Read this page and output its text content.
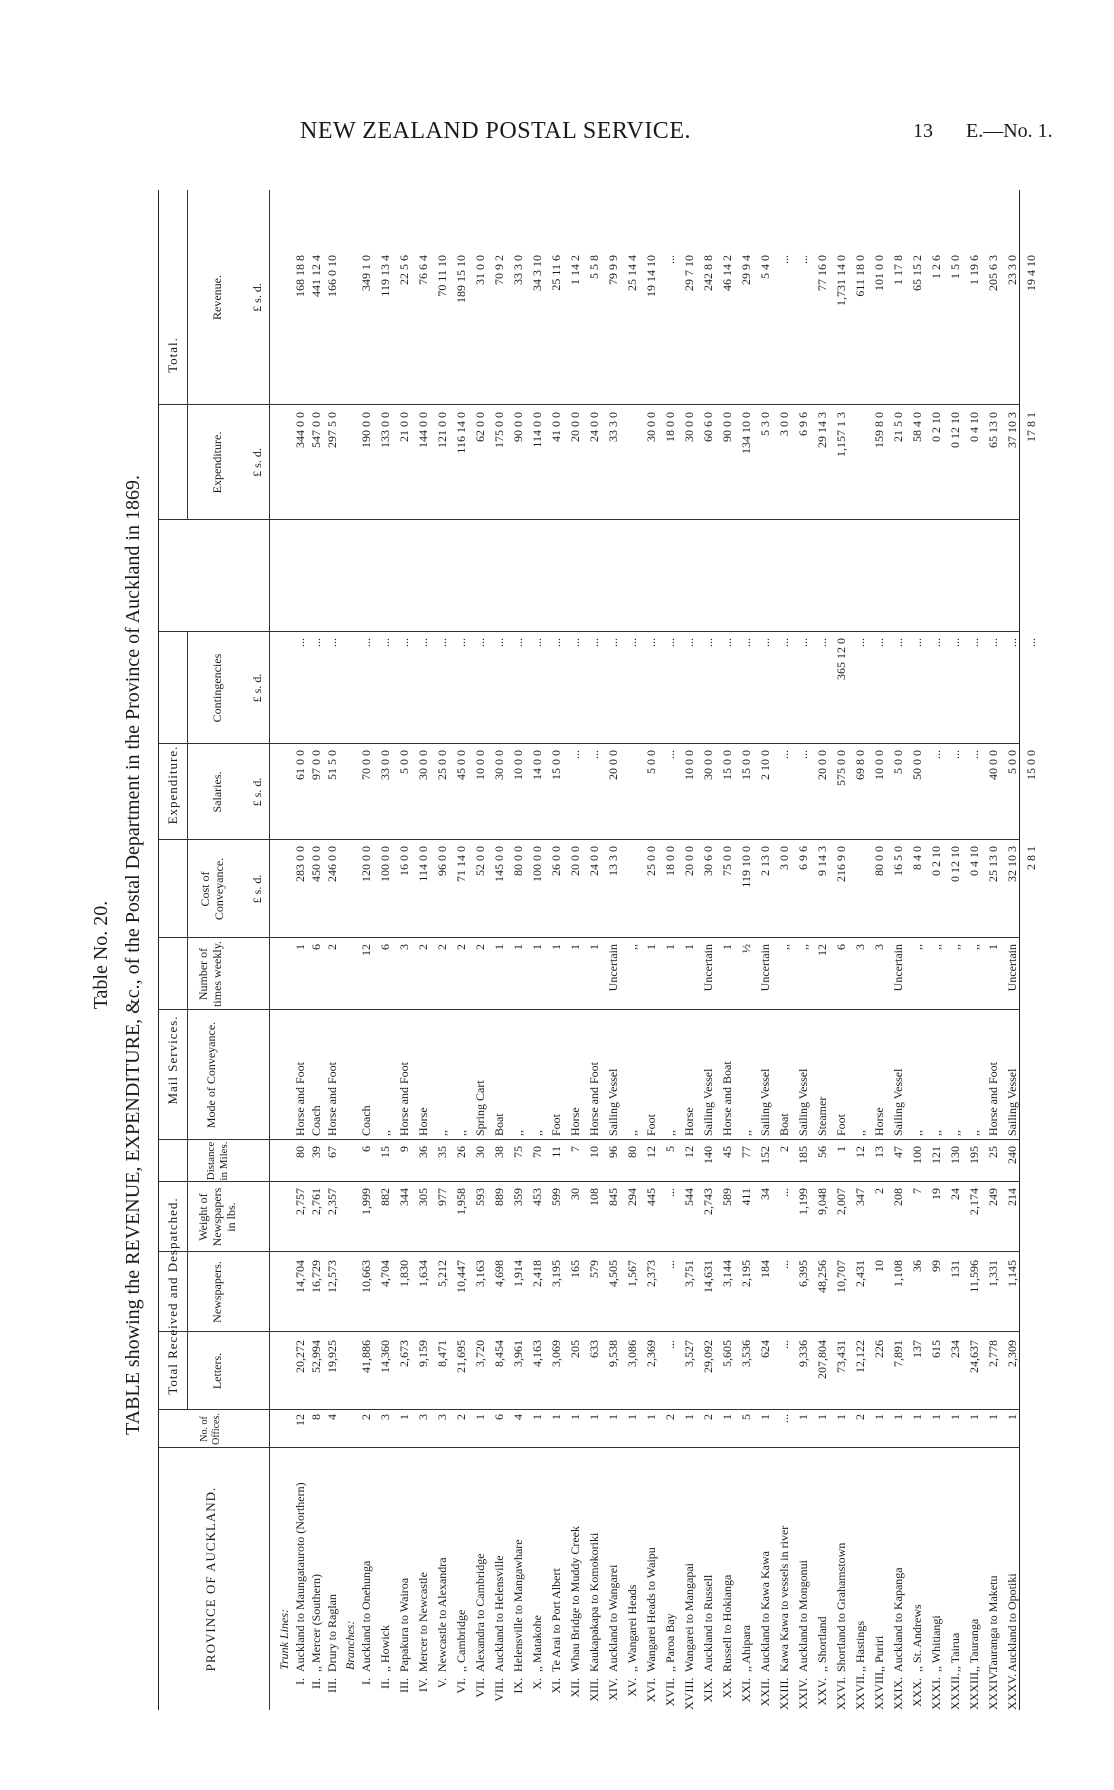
NEW ZEALAND POSTAL SERVICE.	13 E.—No. 1.
Table No. 20. TABLE showing the REVENUE, EXPENDITURE, &c., of the Postal Department in the Province of Auckland in 1869.
PROVINCE OF AUCKLAND.
No. of Offices.
Total Received and Despatched.
Mail Services.
Expenditure.
Total.
Letters.
Newspapers.
Weight of Newspapers in lbs.
Distance in Miles.
Mode of Conveyance.
Number of times weekly.
Cost of Conveyance. £ s. d.
Salaries. £ s. d.
Contingencies £ s. d.
Expenditure. £ s. d.
Revenue. £ s. d.
Trunk Lines:	Branches:
I.
Auckland to Maungatauroto (Northern)
12
20,272
14,704
2,757
80
Horse and Foot
1
283 0 0
61 0 0
...
344 0 0
168 18 8
II.
,, Mercer (Southern)
8
52,994
16,729
2,761
39
Coach
6
450 0 0
97 0 0
...
547 0 0
441 12 4
III.
Drury to Raglan
4
19,925
12,573
2,357
67
Horse and Foot
2
246 0 0
51 5 0
...
297 5 0
166 0 10
I.
Auckland to Onehunga
2
41,886
10,663
1,999
6
Coach
12
120 0 0
70 0 0
...
190 0 0
349 1 0
II.
,, Howick
3
14,360
4,704
882
15
,,
6
100 0 0
33 0 0
...
133 0 0
119 13 4
III.
Papakura to Wairoa
1
2,673
1,830
344
9
Horse and Foot
3
16 0 0
5 0 0
...
21 0 0
22 5 6
IV.
Mercer to Newcastle
3
9,159
1,634
305
36
Horse
2
114 0 0
30 0 0
...
144 0 0
76 6 4
V.
Newcastle to Alexandra
3
8,471
5,212
977
35
,,
2
96 0 0
25 0 0
...
121 0 0
70 11 10
VI.
,, Cambridge
2
21,695
10,447
1,958
26
,,
2
71 14 0
45 0 0
...
116 14 0
189 15 10
VII.
Alexandra to Cambridge
1
3,720
3,163
593
30
Spring Cart
2
52 0 0
10 0 0
...
62 0 0
31 0 0
VIII.
Auckland to Helensville
6
8,454
4,698
889
38
Boat
1
145 0 0
30 0 0
...
175 0 0
70 9 2
IX.
Helensville to Mangawhare
4
3,961
1,914
359
75
,,
1
80 0 0
10 0 0
...
90 0 0
33 3 0
X.
,, Matakohe
1
4,163
2,418
453
70
,,
1
100 0 0
14 0 0
...
114 0 0
34 3 10
XI.
Te Arai to Port Albert
1
3,069
3,195
599
11
Foot
1
26 0 0
15 0 0
...
41 0 0
25 11 6
XII.
Whau Bridge to Muddy Creek
1
205
165
30
7
Horse
1
20 0 0
...
...
20 0 0
1 14 2
XIII.
Kaukapakapa to Komokoriki
1
633
579
108
10
Horse and Foot
1
24 0 0
...
...
24 0 0
5 5 8
XIV.
Auckland to Wangarei
1
9,538
4,505
845
96
Sailing Vessel
Uncertain
13 3 0
20 0 0
...
33 3 0
79 9 9
XV.
,, Wangarei Heads
1
3,086
1,567
294
80
,,
,,
...
25 14 4
XVI.
Wangarei Heads to Waipu
1
2,369
2,373
445
12
Foot
1
25 0 0
5 0 0
...
30 0 0
19 14 10
XVII.
,, Paroa Bay
2
...
...
...
5
,,
1
18 0 0
...
...
18 0 0
...
XVIII.
Wangarei to Mangapai
1
3,527
3,751
544
12
Horse
1
20 0 0
10 0 0
...
30 0 0
29 7 10
XIX.
Auckland to Russell
2
29,092
14,631
2,743
140
Sailing Vessel
Uncertain
30 6 0
30 0 0
...
60 6 0
242 8 8
XX.
Russell to Hokianga
1
5,605
3,144
589
45
Horse and Boat
1
75 0 0
15 0 0
...
90 0 0
46 14 2
XXI.
,, Ahipara
5
3,536
2,195
411
77
,,
½
119 10 0
15 0 0
...
134 10 0
29 9 4
XXII.
Auckland to Kawa Kawa
1
624
184
34
152
Sailing Vessel
Uncertain
2 13 0
2 10 0
...
5 3 0
5 4 0
XXIII.
Kawa Kawa to vessels in river
...
...
...
...
2
Boat
,,
3 0 0
...
...
3 0 0
...
XXIV.
Auckland to Mongonui
1
9,336
6,395
1,199
185
Sailing Vessel
,,
6 9 6
...
...
6 9 6
...
XXV.
,, Shortland
1
207,804
48,256
9,048
56
Steamer
12
9 14 3
20 0 0
...
29 14 3
77 16 0
XXVI.
Shortland to Grahamstown
1
73,431
10,707
2,007
1
Foot
6
216 9 0
575 0 0
365 12 0
1,157 1 3
1,731 14 0
XXVII.
,, Hastings
2
12,122
2,431
347
12
,,
3
69 8 0
...
611 18 0
XXVIII.
,, Puriri
1
226
10
2
13
Horse
3
80 0 0
10 0 0
...
159 8 0
101 0 0
XXIX.
Auckland to Kapanga
1
7,891
1,108
208
47
Sailing Vessel
Uncertain
16 5 0
5 0 0
...
21 5 0
1 17 8
XXX.
,, St. Andrews
1
137
36
7
100
,,
,,
8 4 0
50 0 0
...
58 4 0
65 15 2
XXXI.
,, Whitiangi
1
615
99
19
121
,,
,,
0 2 10
...
...
0 2 10
1 2 6
XXXII.
,, Tairua
1
234
131
24
130
,,
,,
0 12 10
...
...
0 12 10
1 5 0
XXXIII.
,, Tauranga
1
24,637
11,596
2,174
195
,,
,,
0 4 10
...
...
0 4 10
1 19 6
XXXIV.
Tauranga to Maketu
1
2,778
1,331
249
25
Horse and Foot
1
25 13 0
40 0 0
...
65 13 0
205 6 3
XXXV.
Auckland to Opotiki
1
2,309
1,145
214
240
Sailing Vessel
Uncertain
32 10 3
5 0 0
...
37 10 3
23 3 0
2 8 1
15 0 0
...
17 8 1
19 4 10
